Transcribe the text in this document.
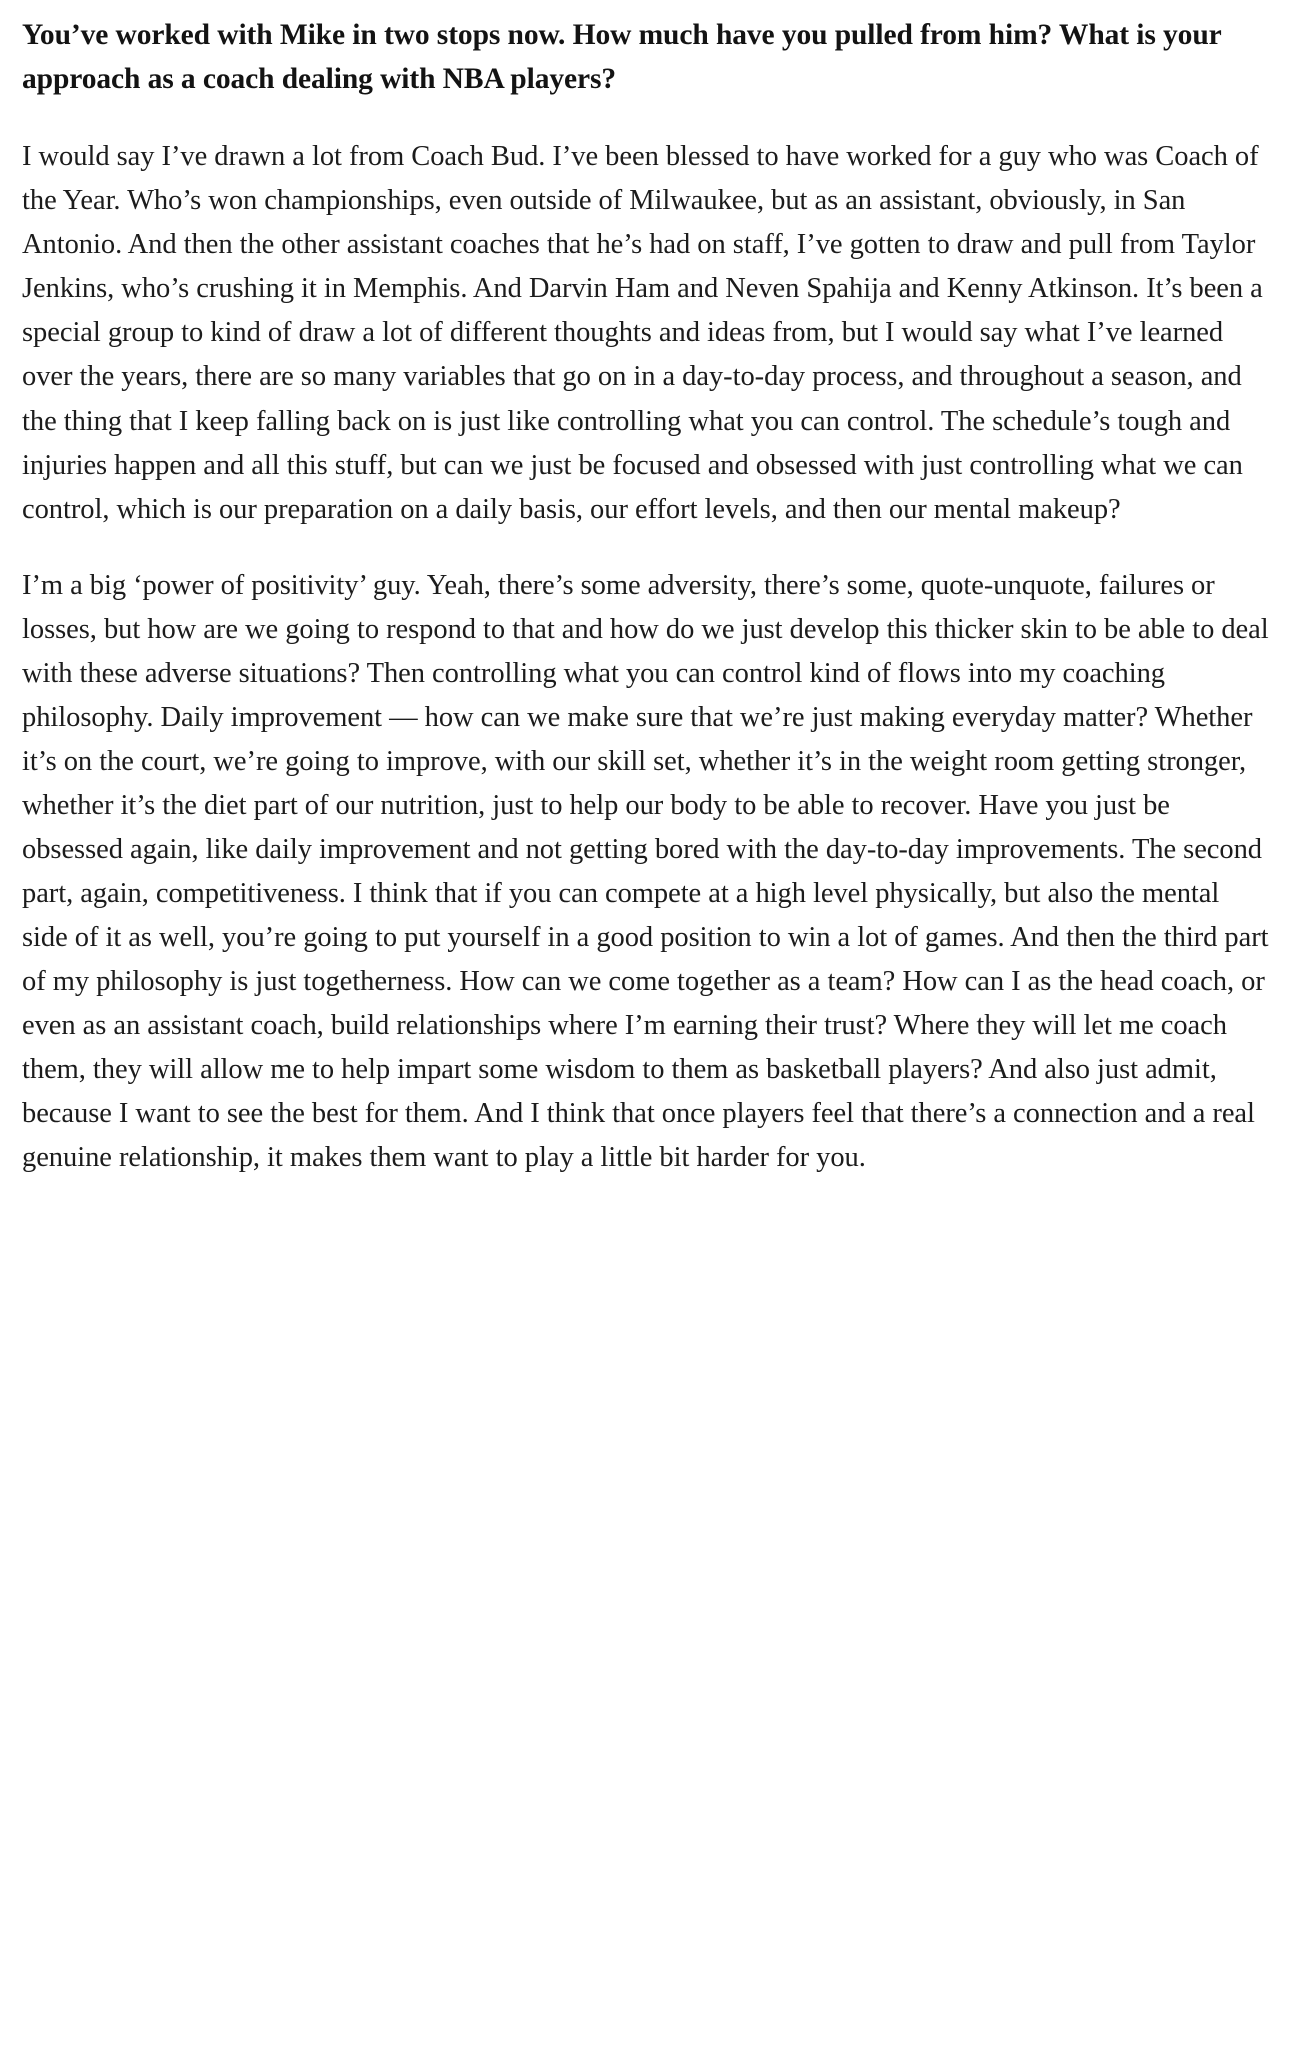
You’ve worked with Mike in two stops now. How much have you pulled from him? What is your approach as a coach dealing with NBA players?

I would say I’ve drawn a lot from Coach Bud. I’ve been blessed to have worked for a guy who was Coach of the Year. Who’s won championships, even outside of Milwaukee, but as an assistant, obviously, in San Antonio. And then the other assistant coaches that he’s had on staff, I’ve gotten to draw and pull from Taylor Jenkins, who’s crushing it in Memphis. And Darvin Ham and Neven Spahija and Kenny Atkinson. It’s been a special group to kind of draw a lot of different thoughts and ideas from, but I would say what I’ve learned over the years, there are so many variables that go on in a day-to-day process, and throughout a season, and the thing that I keep falling back on is just like controlling what you can control. The schedule’s tough and injuries happen and all this stuff, but can we just be focused and obsessed with just controlling what we can control, which is our preparation on a daily basis, our effort levels, and then our mental makeup?

I’m a big ‘power of positivity’ guy. Yeah, there’s some adversity, there’s some, quote-unquote, failures or losses, but how are we going to respond to that and how do we just develop this thicker skin to be able to deal with these adverse situations? Then controlling what you can control kind of flows into my coaching philosophy. Daily improvement — how can we make sure that we’re just making everyday matter? Whether it’s on the court, we’re going to improve, with our skill set, whether it’s in the weight room getting stronger, whether it’s the diet part of our nutrition, just to help our body to be able to recover. Have you just be obsessed again, like daily improvement and not getting bored with the day-to-day improvements. The second part, again, competitiveness. I think that if you can compete at a high level physically, but also the mental side of it as well, you’re going to put yourself in a good position to win a lot of games. And then the third part of my philosophy is just togetherness. How can we come together as a team? How can I as the head coach, or even as an assistant coach, build relationships where I’m earning their trust? Where they will let me coach them, they will allow me to help impart some wisdom to them as basketball players? And also just admit, because I want to see the best for them. And I think that once players feel that there’s a connection and a real genuine relationship, it makes them want to play a little bit harder for you.
